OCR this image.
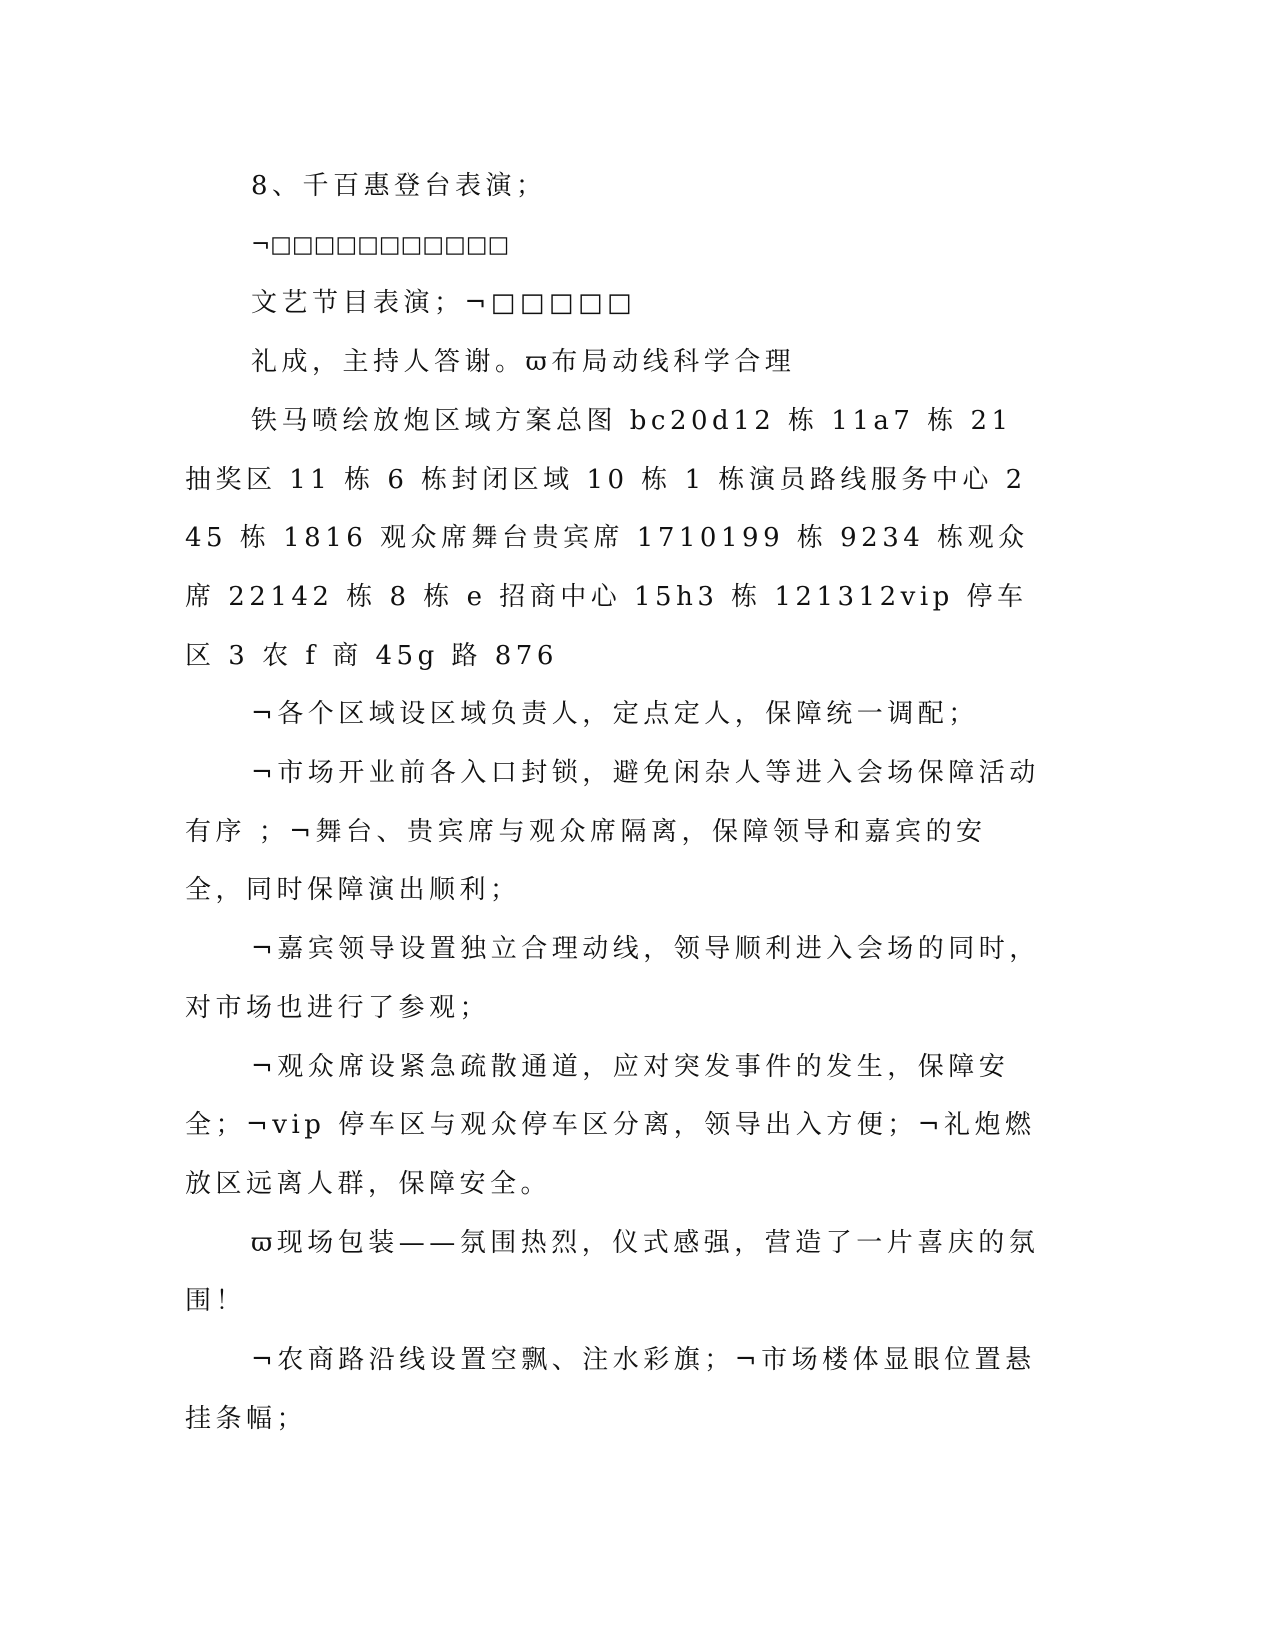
8、千百惠登台表演；

¬□□□□□□□□□□□

文艺节目表演；¬□□□□□

礼成，主持人答谢。ϖ布局动线科学合理

铁马喷绘放炮区域方案总图 bc20d12 栋 11a7 栋 21 抽奖区 11 栋 6 栋封闭区域 10 栋 1 栋演员路线服务中心 245 栋 1816 观众席舞台贵宾席 1710199 栋 9234 栋观众席 22142 栋 8 栋 e 招商中心 15h3 栋 121312vip 停车区 3 农 f 商 45g 路 876

¬各个区域设区域负责人，定点定人，保障统一调配；

¬市场开业前各入口封锁，避免闲杂人等进入会场保障活动有序 ；¬舞台、贵宾席与观众席隔离，保障领导和嘉宾的安全，同时保障演出顺利；

¬嘉宾领导设置独立合理动线，领导顺利进入会场的同时，对市场也进行了参观；

¬观众席设紧急疏散通道，应对突发事件的发生，保障安全；¬vip 停车区与观众停车区分离，领导出入方便；¬礼炮燃放区远离人群，保障安全。

ϖ现场包装——氛围热烈，仪式感强，营造了一片喜庆的氛围！

¬农商路沿线设置空飘、注水彩旗；¬市场楼体显眼位置悬挂条幅；
